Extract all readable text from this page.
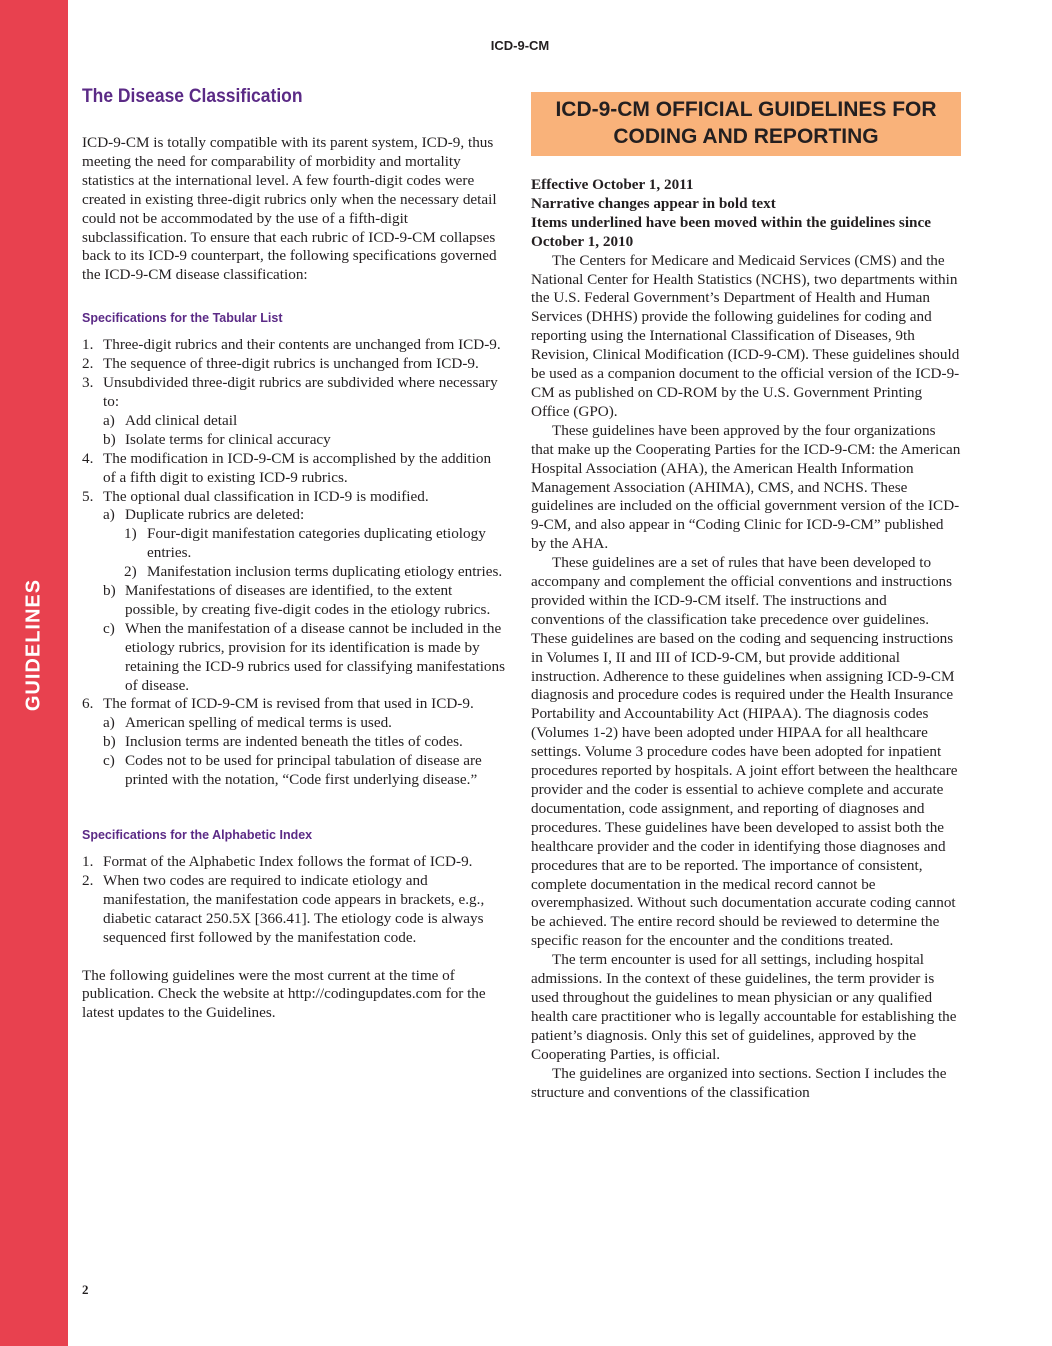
GUIDELINES
ICD-9-CM
The Disease Classification

ICD-9-CM is totally compatible with its parent system, ICD-9, thus meeting the need for comparability of morbidity and mortality statistics at the international level. A few fourth-digit codes were created in existing three-digit rubrics only when the necessary detail could not be accommodated by the use of a fifth-digit subclassification. To ensure that each rubric of ICD-9-CM collapses back to its ICD-9 counterpart, the following specifications governed the ICD-9-CM disease classification:

Specifications for the Tabular List
1. Three-digit rubrics and their contents are unchanged from ICD-9.
2. The sequence of three-digit rubrics is unchanged from ICD-9.
3. Unsubdivided three-digit rubrics are subdivided where necessary to:
a) Add clinical detail
b) Isolate terms for clinical accuracy
4. The modification in ICD-9-CM is accomplished by the addition of a fifth digit to existing ICD-9 rubrics.
5. The optional dual classification in ICD-9 is modified.
a) Duplicate rubrics are deleted:
1) Four-digit manifestation categories duplicating etiology entries.
2) Manifestation inclusion terms duplicating etiology entries.
b) Manifestations of diseases are identified, to the extent possible, by creating five-digit codes in the etiology rubrics.
c) When the manifestation of a disease cannot be included in the etiology rubrics, provision for its identification is made by retaining the ICD-9 rubrics used for classifying manifestations of disease.
6. The format of ICD-9-CM is revised from that used in ICD-9.
a) American spelling of medical terms is used.
b) Inclusion terms are indented beneath the titles of codes.
c) Codes not to be used for principal tabulation of disease are printed with the notation, “Code first underlying disease.”
Specifications for the Alphabetic Index
1. Format of the Alphabetic Index follows the format of ICD-9.
2. When two codes are required to indicate etiology and manifestation, the manifestation code appears in brackets, e.g., diabetic cataract 250.5X [366.41]. The etiology code is always sequenced first followed by the manifestation code.

The following guidelines were the most current at the time of publication. Check the website at http://codingupdates.com for the latest updates to the Guidelines.

ICD-9-CM OFFICIAL GUIDELINES FOR CODING AND REPORTING

Effective October 1, 2011

Narrative changes appear in bold text

Items underlined have been moved within the guidelines since October 1, 2010

The Centers for Medicare and Medicaid Services (CMS) and the National Center for Health Statistics (NCHS), two departments within the U.S. Federal Government’s Department of Health and Human Services (DHHS) provide the following guidelines for coding and reporting using the International Classification of Diseases, 9th Revision, Clinical Modification (ICD-9-CM). These guidelines should be used as a companion document to the official version of the ICD-9-CM as published on CD-ROM by the U.S. Government Printing Office (GPO).

These guidelines have been approved by the four organizations that make up the Cooperating Parties for the ICD-9-CM: the American Hospital Association (AHA), the American Health Information Management Association (AHIMA), CMS, and NCHS. These guidelines are included on the official government version of the ICD-9-CM, and also appear in “Coding Clinic for ICD-9-CM” published by the AHA.

These guidelines are a set of rules that have been developed to accompany and complement the official conventions and instructions provided within the ICD-9-CM itself. The instructions and conventions of the classification take precedence over guidelines. These guidelines are based on the coding and sequencing instructions in Volumes I, II and III of ICD-9-CM, but provide additional instruction. Adherence to these guidelines when assigning ICD-9-CM diagnosis and procedure codes is required under the Health Insurance Portability and Accountability Act (HIPAA). The diagnosis codes (Volumes 1-2) have been adopted under HIPAA for all healthcare settings. Volume 3 procedure codes have been adopted for inpatient procedures reported by hospitals. A joint effort between the healthcare provider and the coder is essential to achieve complete and accurate documentation, code assignment, and reporting of diagnoses and procedures. These guidelines have been developed to assist both the healthcare provider and the coder in identifying those diagnoses and procedures that are to be reported. The importance of consistent, complete documentation in the medical record cannot be overemphasized. Without such documentation accurate coding cannot be achieved. The entire record should be reviewed to determine the specific reason for the encounter and the conditions treated.

The term encounter is used for all settings, including hospital admissions. In the context of these guidelines, the term provider is used throughout the guidelines to mean physician or any qualified health care practitioner who is legally accountable for establishing the patient’s diagnosis. Only this set of guidelines, approved by the Cooperating Parties, is official.

The guidelines are organized into sections. Section I includes the structure and conventions of the classification

2
